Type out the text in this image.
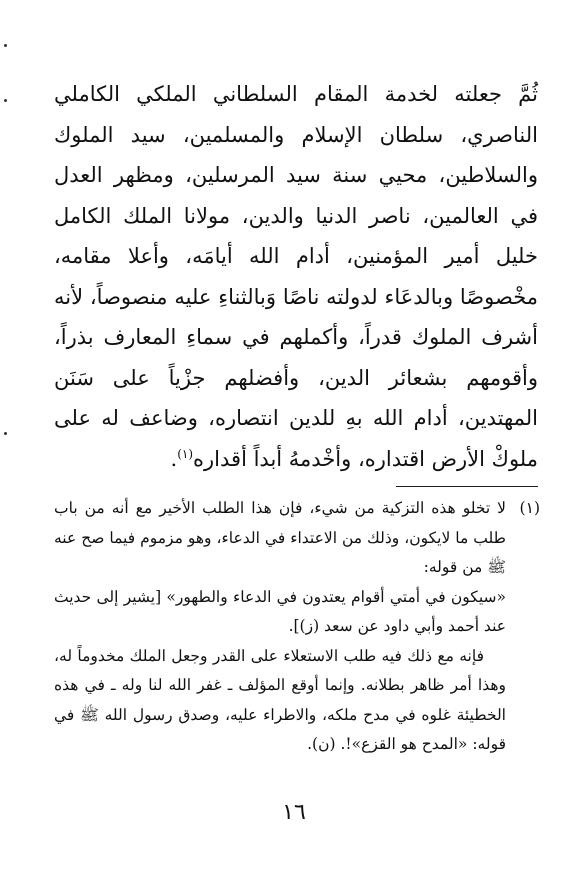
ثُمَّ جعلته لخدمة المقام السلطاني الملكي الكاملي الناصري، سلطان الإسلام والمسلمين، سيد الملوك والسلاطين، محيي سنة سيد المرسلين، ومظهر العدل في العالمين، ناصر الدنيا والدين، مولانا الملك الكامل خليل أمير المؤمنين، أدام الله أيامَه، وأعلا مقامه، مخْصوصًا وبالدعَاء لدولته ناصًا وَبالثناءِ عليه منصوصاً، لأنه أشرف الملوك قدراً، وأكملهم في سماءِ المعارف بذراً، وأقومهم بشعائر الدين، وأفضلهم جزْياً على سَنَن المهتدين، أدام الله بهِ للدين انتصاره، وضاعف له على ملوكْ الأرض اقتداره، وأخْدمهُ أبداً أقداره$^{(١)}$.
(١)

لا تخلو هذه التزكية من شيء، فإن هذا الطلب الأخير مع أنه من باب طلب ما لايكون، وذلك من الاعتداء في الدعاء، وهو مزموم فيما صح عنه ﷺ من قوله:

«سيكون في أمتي أقوام يعتدون في الدعاء والطهور» [يشير إلى حديث عند أحمد وأبي داود عن سعد (ز)].

فإنه مع ذلك فيه طلب الاستعلاء على القدر وجعل الملك مخدوماً له، وهذا أمر ظاهر بطلانه. وإنما أوقع المؤلف ـ غفر الله لنا وله ـ في هذه الخطيئة غلوه في مدح ملكه، والاطراء عليه، وصدق رسول الله ﷺ في قوله: «المدح هو القزع»!. (ن).

١٦
